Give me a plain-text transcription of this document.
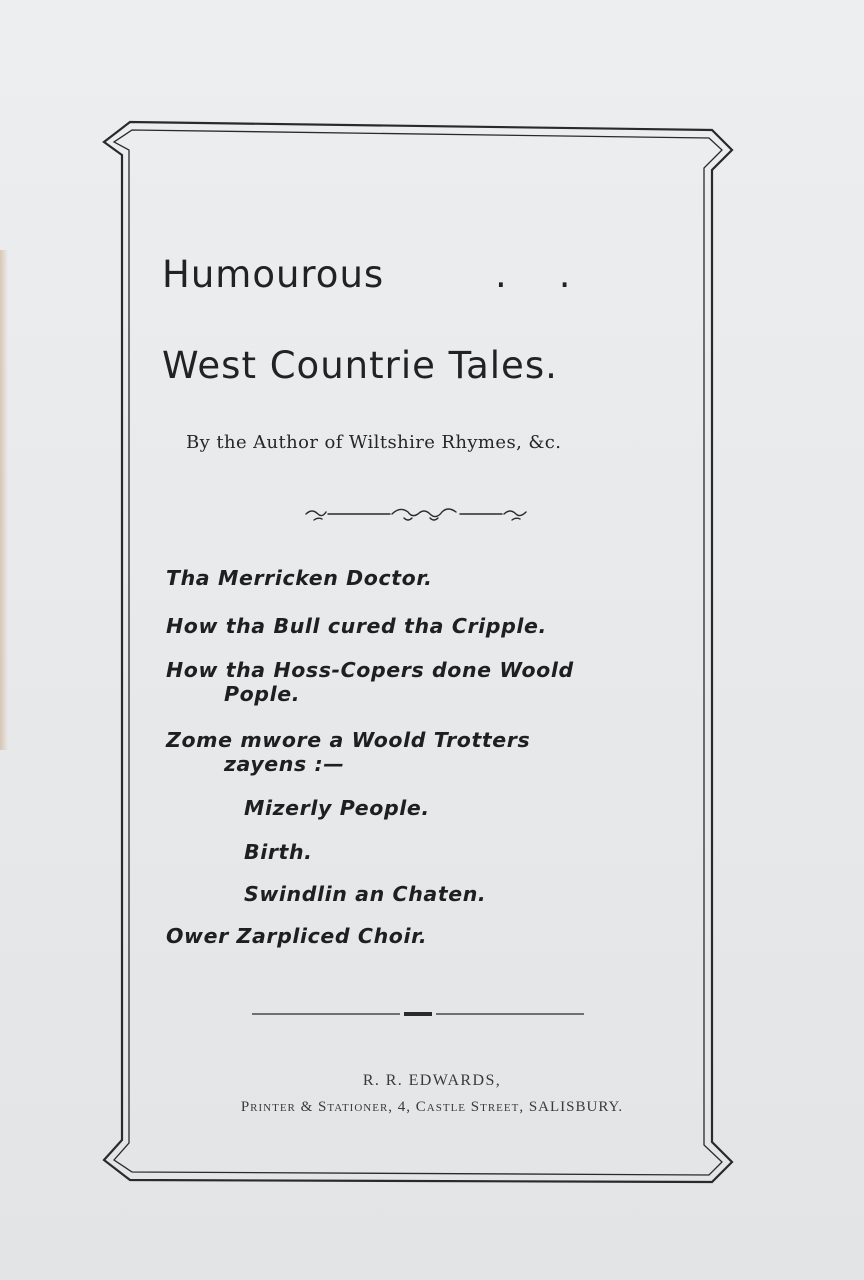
Humourous	..
West Countrie Tales.
By the Author of Wiltshire Rhymes, &c.
Tha Merricken Doctor.
How tha Bull cured tha Cripple.
How tha Hoss-Copers done Woold
Pople.
Zome mwore a Woold Trotters
zayens :—
Mizerly People.
Birth.
Swindlin an Chaten.
Ower Zarpliced Choir.
R. R. EDWARDS,
Printer & Stationer, 4, Castle Street, SALISBURY.
